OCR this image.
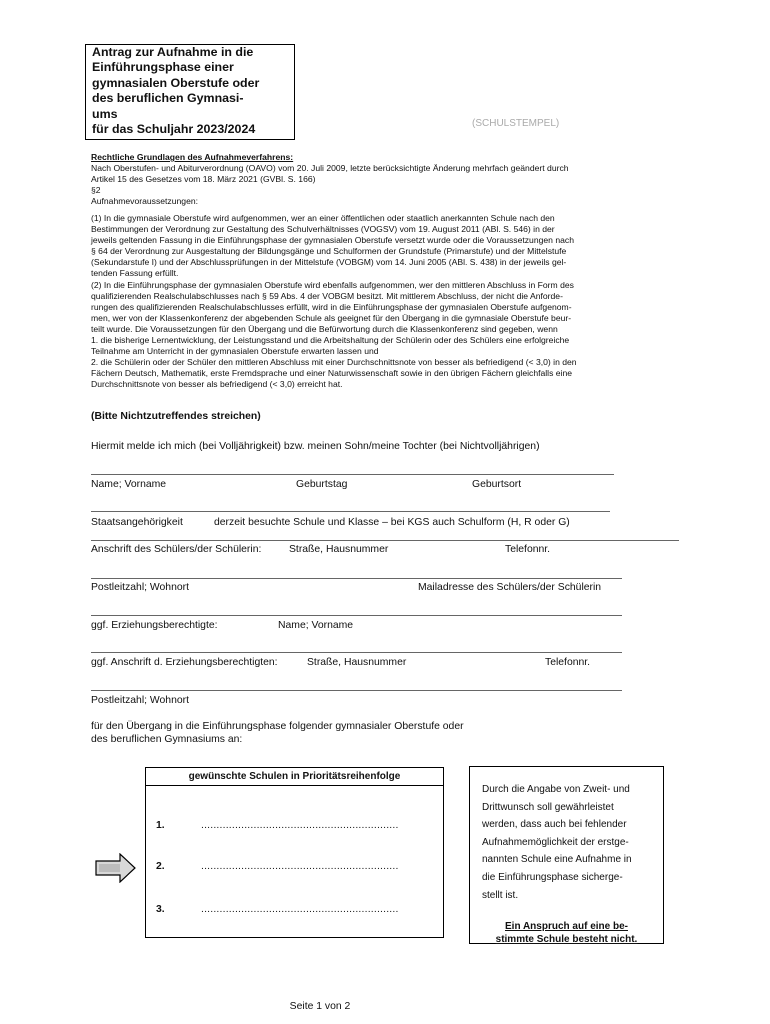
Antrag zur Aufnahme in die
Einführungsphase einer
gymnasialen Oberstufe oder
des beruflichen Gymnasi-
ums
für das Schuljahr 2023/2024	(SCHULSTEMPEL)

Rechtliche Grundlagen des Aufnahmeverfahrens:

Nach Oberstufen- und Abiturverordnung (OAVO) vom 20. Juli 2009, letzte berücksichtigte Änderung mehrfach geändert durch

Artikel 15 des Gesetzes vom 18. März 2021 (GVBl. S. 166)

§2

Aufnahmevoraussetzungen:

(1) In die gymnasiale Oberstufe wird aufgenommen, wer an einer öffentlichen oder staatlich anerkannten Schule nach den

Bestimmungen der Verordnung zur Gestaltung des Schulverhältnisses (VOGSV) vom 19. August 2011 (ABl. S. 546) in der

jeweils geltenden Fassung in die Einführungsphase der gymnasialen Oberstufe versetzt wurde oder die Voraussetzungen nach

§ 64 der Verordnung zur Ausgestaltung der Bildungsgänge und Schulformen der Grundstufe (Primarstufe) und der Mittelstufe

(Sekundarstufe I) und der Abschlussprüfungen in der Mittelstufe (VOBGM) vom 14. Juni 2005 (ABl. S. 438) in der jeweils gel-

tenden Fassung erfüllt.

(2) In die Einführungsphase der gymnasialen Oberstufe wird ebenfalls aufgenommen, wer den mittleren Abschluss in Form des

qualifizierenden Realschulabschlusses nach § 59 Abs. 4 der VOBGM besitzt. Mit mittlerem Abschluss, der nicht die Anforde-

rungen des qualifizierenden Realschulabschlusses erfüllt, wird in die Einführungsphase der gymnasialen Oberstufe aufgenom-

men, wer von der Klassenkonferenz der abgebenden Schule als geeignet für den Übergang in die gymnasiale Oberstufe beur-

teilt wurde. Die Voraussetzungen für den Übergang und die Befürwortung durch die Klassenkonferenz sind gegeben, wenn

1. die bisherige Lernentwicklung, der Leistungsstand und die Arbeitshaltung der Schülerin oder des Schülers eine erfolgreiche

Teilnahme am Unterricht in der gymnasialen Oberstufe erwarten lassen und

2. die Schülerin oder der Schüler den mittleren Abschluss mit einer Durchschnittsnote von besser als befriedigend (< 3,0) in den

Fächern Deutsch, Mathematik, erste Fremdsprache und einer Naturwissenschaft sowie in den übrigen Fächern gleichfalls eine

Durchschnittsnote von besser als befriedigend (< 3,0) erreicht hat.

(Bitte Nichtzutreffendes streichen)
Hiermit melde ich mich (bei Volljährigkeit) bzw. meinen Sohn/meine Tochter (bei Nichtvolljährigen)
Name; Vorname	Geburtstag	Geburtsort
Staatsangehörigkeit	derzeit besuchte Schule und Klasse – bei KGS auch Schulform (H, R oder G)
Anschrift des Schülers/der Schülerin:	Straße, Hausnummer	Telefonnr.
Postleitzahl; Wohnort	Mailadresse des Schülers/der Schülerin
ggf. Erziehungsberechtigte:	Name; Vorname
ggf. Anschrift d. Erziehungsberechtigten:	Straße, Hausnummer	Telefonnr.
Postleitzahl; Wohnort
für den Übergang in die Einführungsphase folgender gymnasialer Oberstufe oder
des beruflichen Gymnasiums an:
gewünschte Schulen in Prioritätsreihenfolge
1.	................................................................
2.	................................................................
3.	................................................................
Durch die Angabe von Zweit- und
Drittwunsch soll gewährleistet
werden, dass auch bei fehlender
Aufnahmemöglichkeit der erstge-
nannten Schule eine Aufnahme in
die Einführungsphase sicherge-
stellt ist.
Ein Anspruch auf eine be-
stimmte Schule besteht nicht.
Seite 1 von 2
